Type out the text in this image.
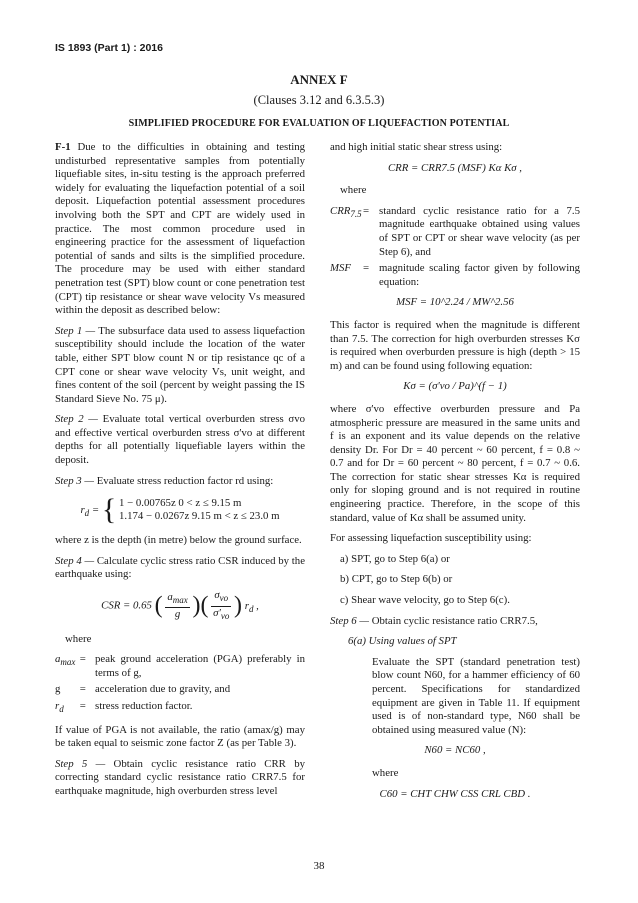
IS 1893 (Part 1) : 2016
ANNEX F
(Clauses 3.12 and 6.3.5.3)
SIMPLIFIED PROCEDURE FOR EVALUATION OF LIQUEFACTION POTENTIAL

F-1 Due to the difficulties in obtaining and testing undisturbed representative samples from potentially liquefiable sites, in-situ testing is the approach preferred widely for evaluating the liquefaction potential of a soil deposit. Liquefaction potential assessment procedures involving both the SPT and CPT are widely used in practice. The most common procedure used in engineering practice for the assessment of liquefaction potential of sands and silts is the simplified procedure. The procedure may be used with either standard penetration test (SPT) blow count or cone penetration test (CPT) tip resistance or shear wave velocity Vs measured within the deposit as described below:

Step 1 — The subsurface data used to assess liquefaction susceptibility should include the location of the water table, either SPT blow count N or tip resistance qc of a CPT cone or shear wave velocity Vs, unit weight, and fines content of the soil (percent by weight passing the IS Standard Sieve No. 75 μ).

Step 2 — Evaluate total vertical overburden stress σvo and effective vertical overburden stress σ'vo at different depths for all potentially liquefiable layers within the deposit.

Step 3 — Evaluate stress reduction factor rd using:

$r_d$ = { 1 − 0.00765z 0 < z ≤ 9.15 m
1.174 − 0.0267z 9.15 m < z ≤ 23.0 m

where z is the depth (in metre) below the ground surface.

Step 4 — Calculate cyclic stress ratio CSR induced by the earthquake using:

CSR = 0.65 ( $\frac{a_{max}}{g}$ )( $\frac{\sigma_{vo}}{\sigma'_{vo}}$ ) $r_d$ ,

where

$a_{max}$ = peak ground acceleration (PGA) preferably in terms of g,
g	= acceleration due to gravity, and
$r_d$	= stress reduction factor.

If value of PGA is not available, the ratio (amax/g) may be taken equal to seismic zone factor Z (as per Table 3).

Step 5 — Obtain cyclic resistance ratio CRR by correcting standard cyclic resistance ratio CRR7.5 for earthquake magnitude, high overburden stress level

and high initial static shear stress using:

CRR = CRR7.5 (MSF) Kα Kσ ,

where

$CRR_{7.5}$ = standard cyclic resistance ratio for a 7.5 magnitude earthquake obtained using values of SPT or CPT or shear wave velocity (as per Step 6), and
MSF	= magnitude scaling factor given by following equation:
MSF = 10^2.24 / MW^2.56

This factor is required when the magnitude is different than 7.5. The correction for high overburden stresses Kσ is required when overburden pressure is high (depth > 15 m) and can be found using following equation:

Kσ = (σ'vo / Pa)^(f − 1)

where σ'vo effective overburden pressure and Pa atmospheric pressure are measured in the same units and f is an exponent and its value depends on the relative density Dr. For Dr = 40 percent ~ 60 percent, f = 0.8 ~ 0.7 and for Dr = 60 percent ~ 80 percent, f = 0.7 ~ 0.6. The correction for static shear stresses Kα is required only for sloping ground and is not required in routine engineering practice. Therefore, in the scope of this standard, value of Kα shall be assumed unity.

For assessing liquefaction susceptibility using:

a) SPT, go to Step 6(a) or
b) CPT, go to Step 6(b) or
c) Shear wave velocity, go to Step 6(c).

Step 6 — Obtain cyclic resistance ratio CRR7.5,

6(a) Using values of SPT

Evaluate the SPT (standard penetration test) blow count N60, for a hammer efficiency of 60 percent. Specifications for standardized equipment are given in Table 11. If equipment used is of non-standard type, N60 shall be obtained using measured value (N):

N60 = NC60 ,

where

C60 = CHT CHW CSS CRL CBD .
38
